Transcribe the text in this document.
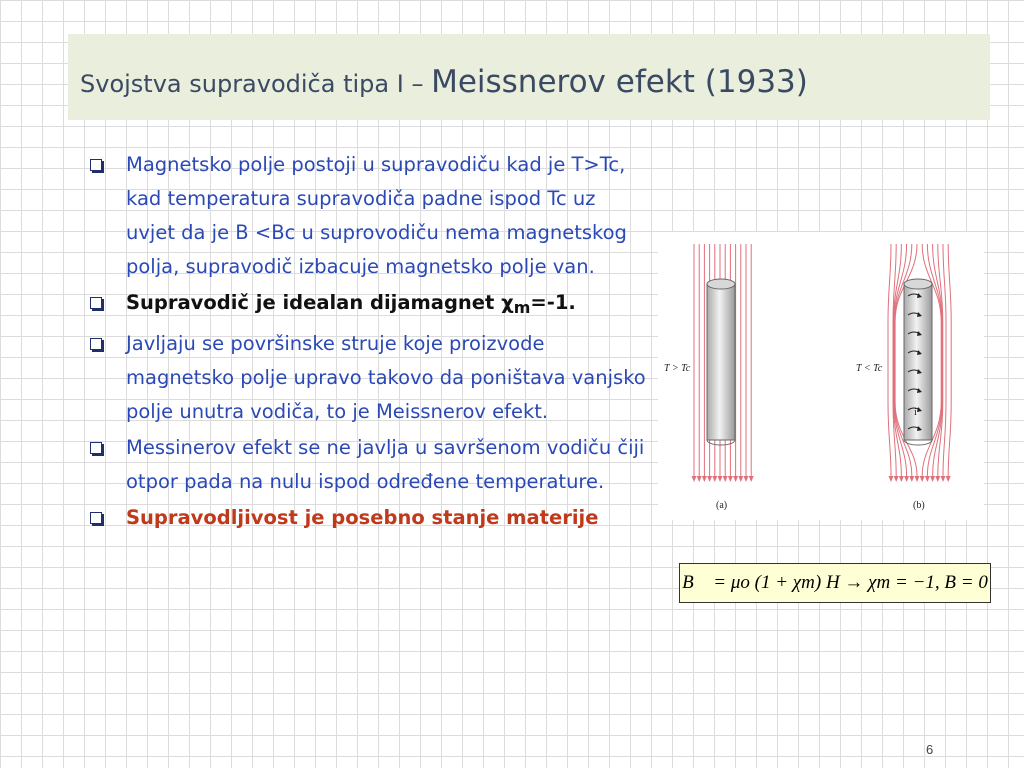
Svojstva supravodiča tipa I – Meissnerov efekt (1933)
Magnetsko polje postoji u supravodiču kad je T>Tc, kad temperatura supravodiča padne ispod Tc uz uvjet da je B <Bc u suprovodiču nema magnetskog polja, supravodič izbacuje magnetsko polje van.
Supravodič je idealan dijamagnet $\chi_m=-1$.
Javljaju se površinske struje koje proizvode magnetsko polje upravo takovo da poništava vanjsko polje unutra vodiča, to je Meissnerov efekt.
Messinerov efekt se ne javlja u savršenom vodiču čiji otpor pada na nulu ispod određene temperature.
Supravodljivost je posebno stanje materije
T > Tc	T < Tc
i
(a)	(b)
B⃗ = μo (1 + χm) H → χm = −1, B = 0
6
